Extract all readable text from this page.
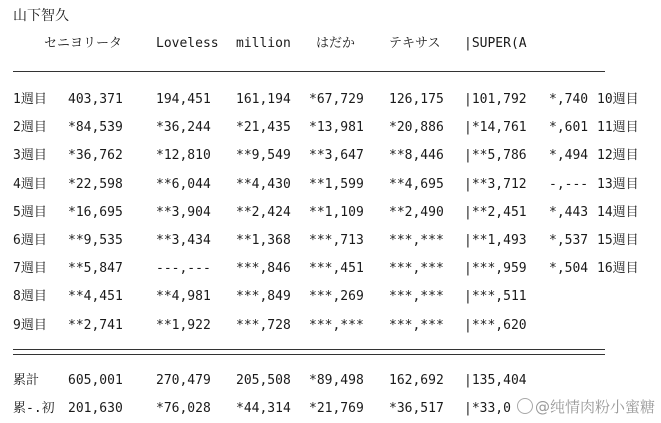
山下智久
セニヨリータ	Loveless million はだか	テキサス |SUPER(A
1週目 403,371	194,451 161,194 *67,729 126,175 |101,792 *,740 10週目
2週目 *84,539	*36,244 *21,435 *13,981 *20,886 |*14,761 *,601 11週目
3週目 *36,762	*12,810 **9,549 **3,647 **8,446 |**5,786 *,494 12週目
4週目 *22,598	**6,044 **4,430 **1,599 **4,695 |**3,712 -,--- 13週目
5週目 *16,695	**3,904 **2,424 **1,109 **2,490 |**2,451 *,443 14週目
6週目 **9,535	**3,434 **1,368 ***,713 ***,*** |**1,493 *,537 15週目
7週目 **5,847	---,--- ***,846 ***,451 ***,*** |***,959 *,504 16週目
8週目 **4,451	**4,981 ***,849 ***,269 ***,*** |***,511
9週目 **2,741	**1,922 ***,728 ***,*** ***,*** |***,620
累計 605,001	270,479 205,508 *89,498 162,692 |135,404
累-.初 201,630	*76,028 *44,314 *21,769 *36,517 |*33,0	@纯情肉粉小蜜糖
